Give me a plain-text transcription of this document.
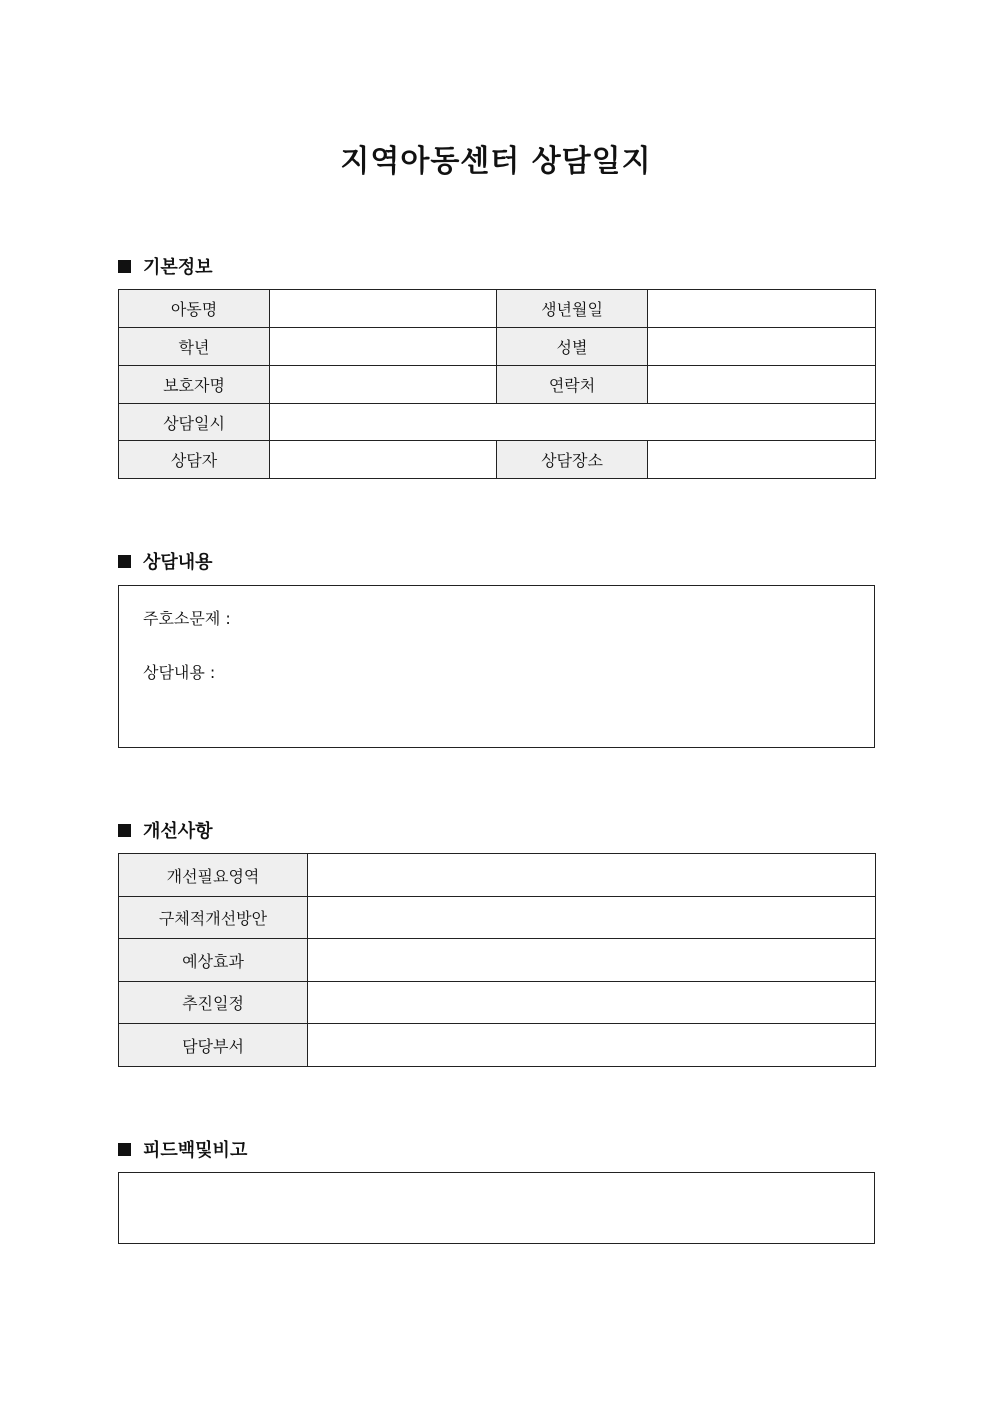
지역아동센터 상담일지
기본정보
아동명		생년월일	
학년		성별	
보호자명		연락처	
상담일시			
상담자		상담장소	
상담내용
주호소문제 :
상담내용 :
개선사항
개선필요영역	
구체적개선방안	
예상효과	
추진일정	
담당부서	
피드백및비고
